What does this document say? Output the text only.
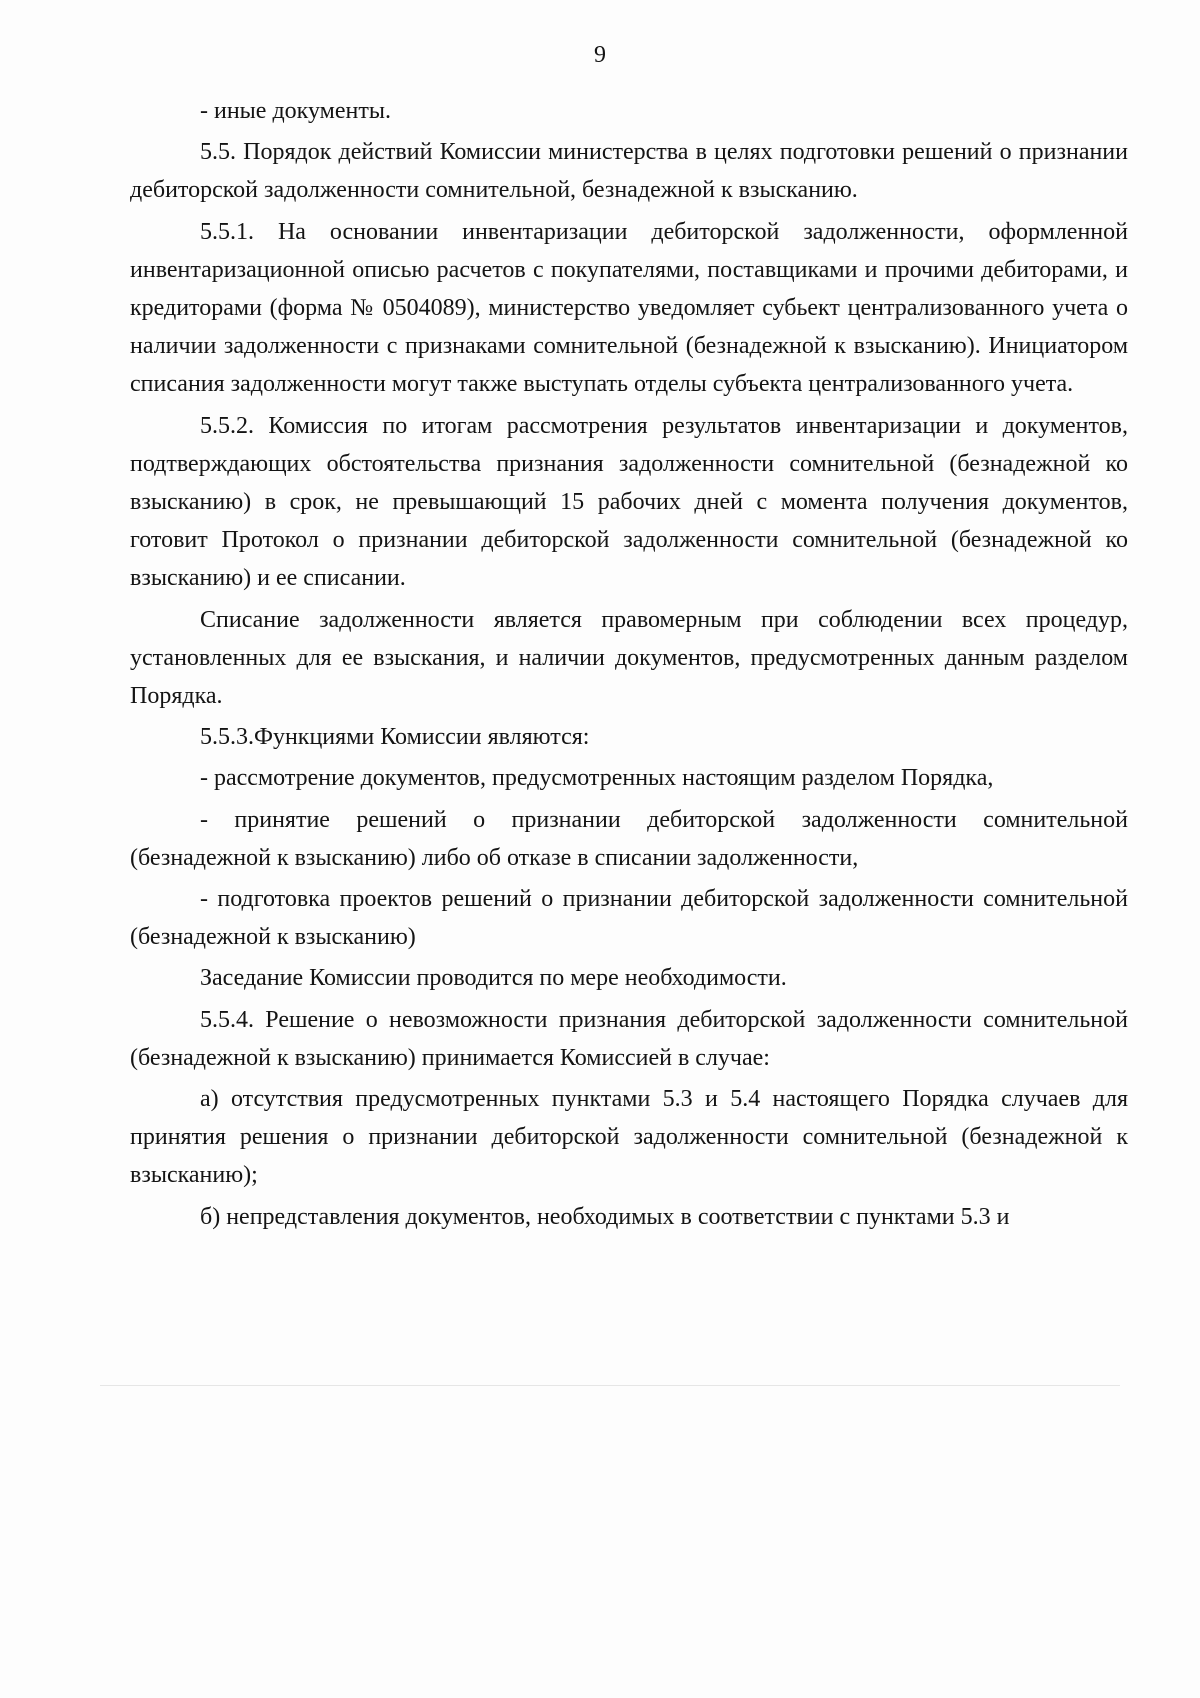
9

- иные документы.

5.5. Порядок действий Комиссии министерства в целях подготовки решений о признании дебиторской задолженности сомнительной, безнадежной к взысканию.

5.5.1. На основании инвентаризации дебиторской задолженности, оформленной инвентаризационной описью расчетов с покупателями, поставщиками и прочими дебиторами, и кредиторами (форма № 0504089), министерство уведомляет субьект централизованного учета о наличии задолженности с признаками сомнительной (безнадежной к взысканию). Инициатором списания задолженности могут также выступать отделы субъекта централизованного учета.

5.5.2. Комиссия по итогам рассмотрения результатов инвентаризации и документов, подтверждающих обстоятельства признания задолженности сомнительной (безнадежной ко взысканию) в срок, не превышающий 15 рабочих дней с момента получения документов, готовит Протокол о признании дебиторской задолженности сомнительной (безнадежной ко взысканию) и ее списании.

Списание задолженности является правомерным при соблюдении всех процедур, установленных для ее взыскания, и наличии документов, предусмотренных данным разделом Порядка.

5.5.3.Функциями Комиссии являются:

- рассмотрение документов, предусмотренных настоящим разделом Порядка,

- принятие решений о признании дебиторской задолженности сомнительной (безнадежной к взысканию) либо об отказе в списании задолженности,

- подготовка проектов решений о признании дебиторской задолженности сомнительной (безнадежной к взысканию)

Заседание Комиссии проводится по мере необходимости.

5.5.4. Решение о невозможности признания дебиторской задолженности сомнительной (безнадежной к взысканию) принимается Комиссией в случае:

а) отсутствия предусмотренных пунктами 5.3 и 5.4 настоящего Порядка случаев для принятия решения о признании дебиторской задолженности сомнительной (безнадежной к взысканию);

б) непредставления документов, необходимых в соответствии с пунктами 5.3 и
